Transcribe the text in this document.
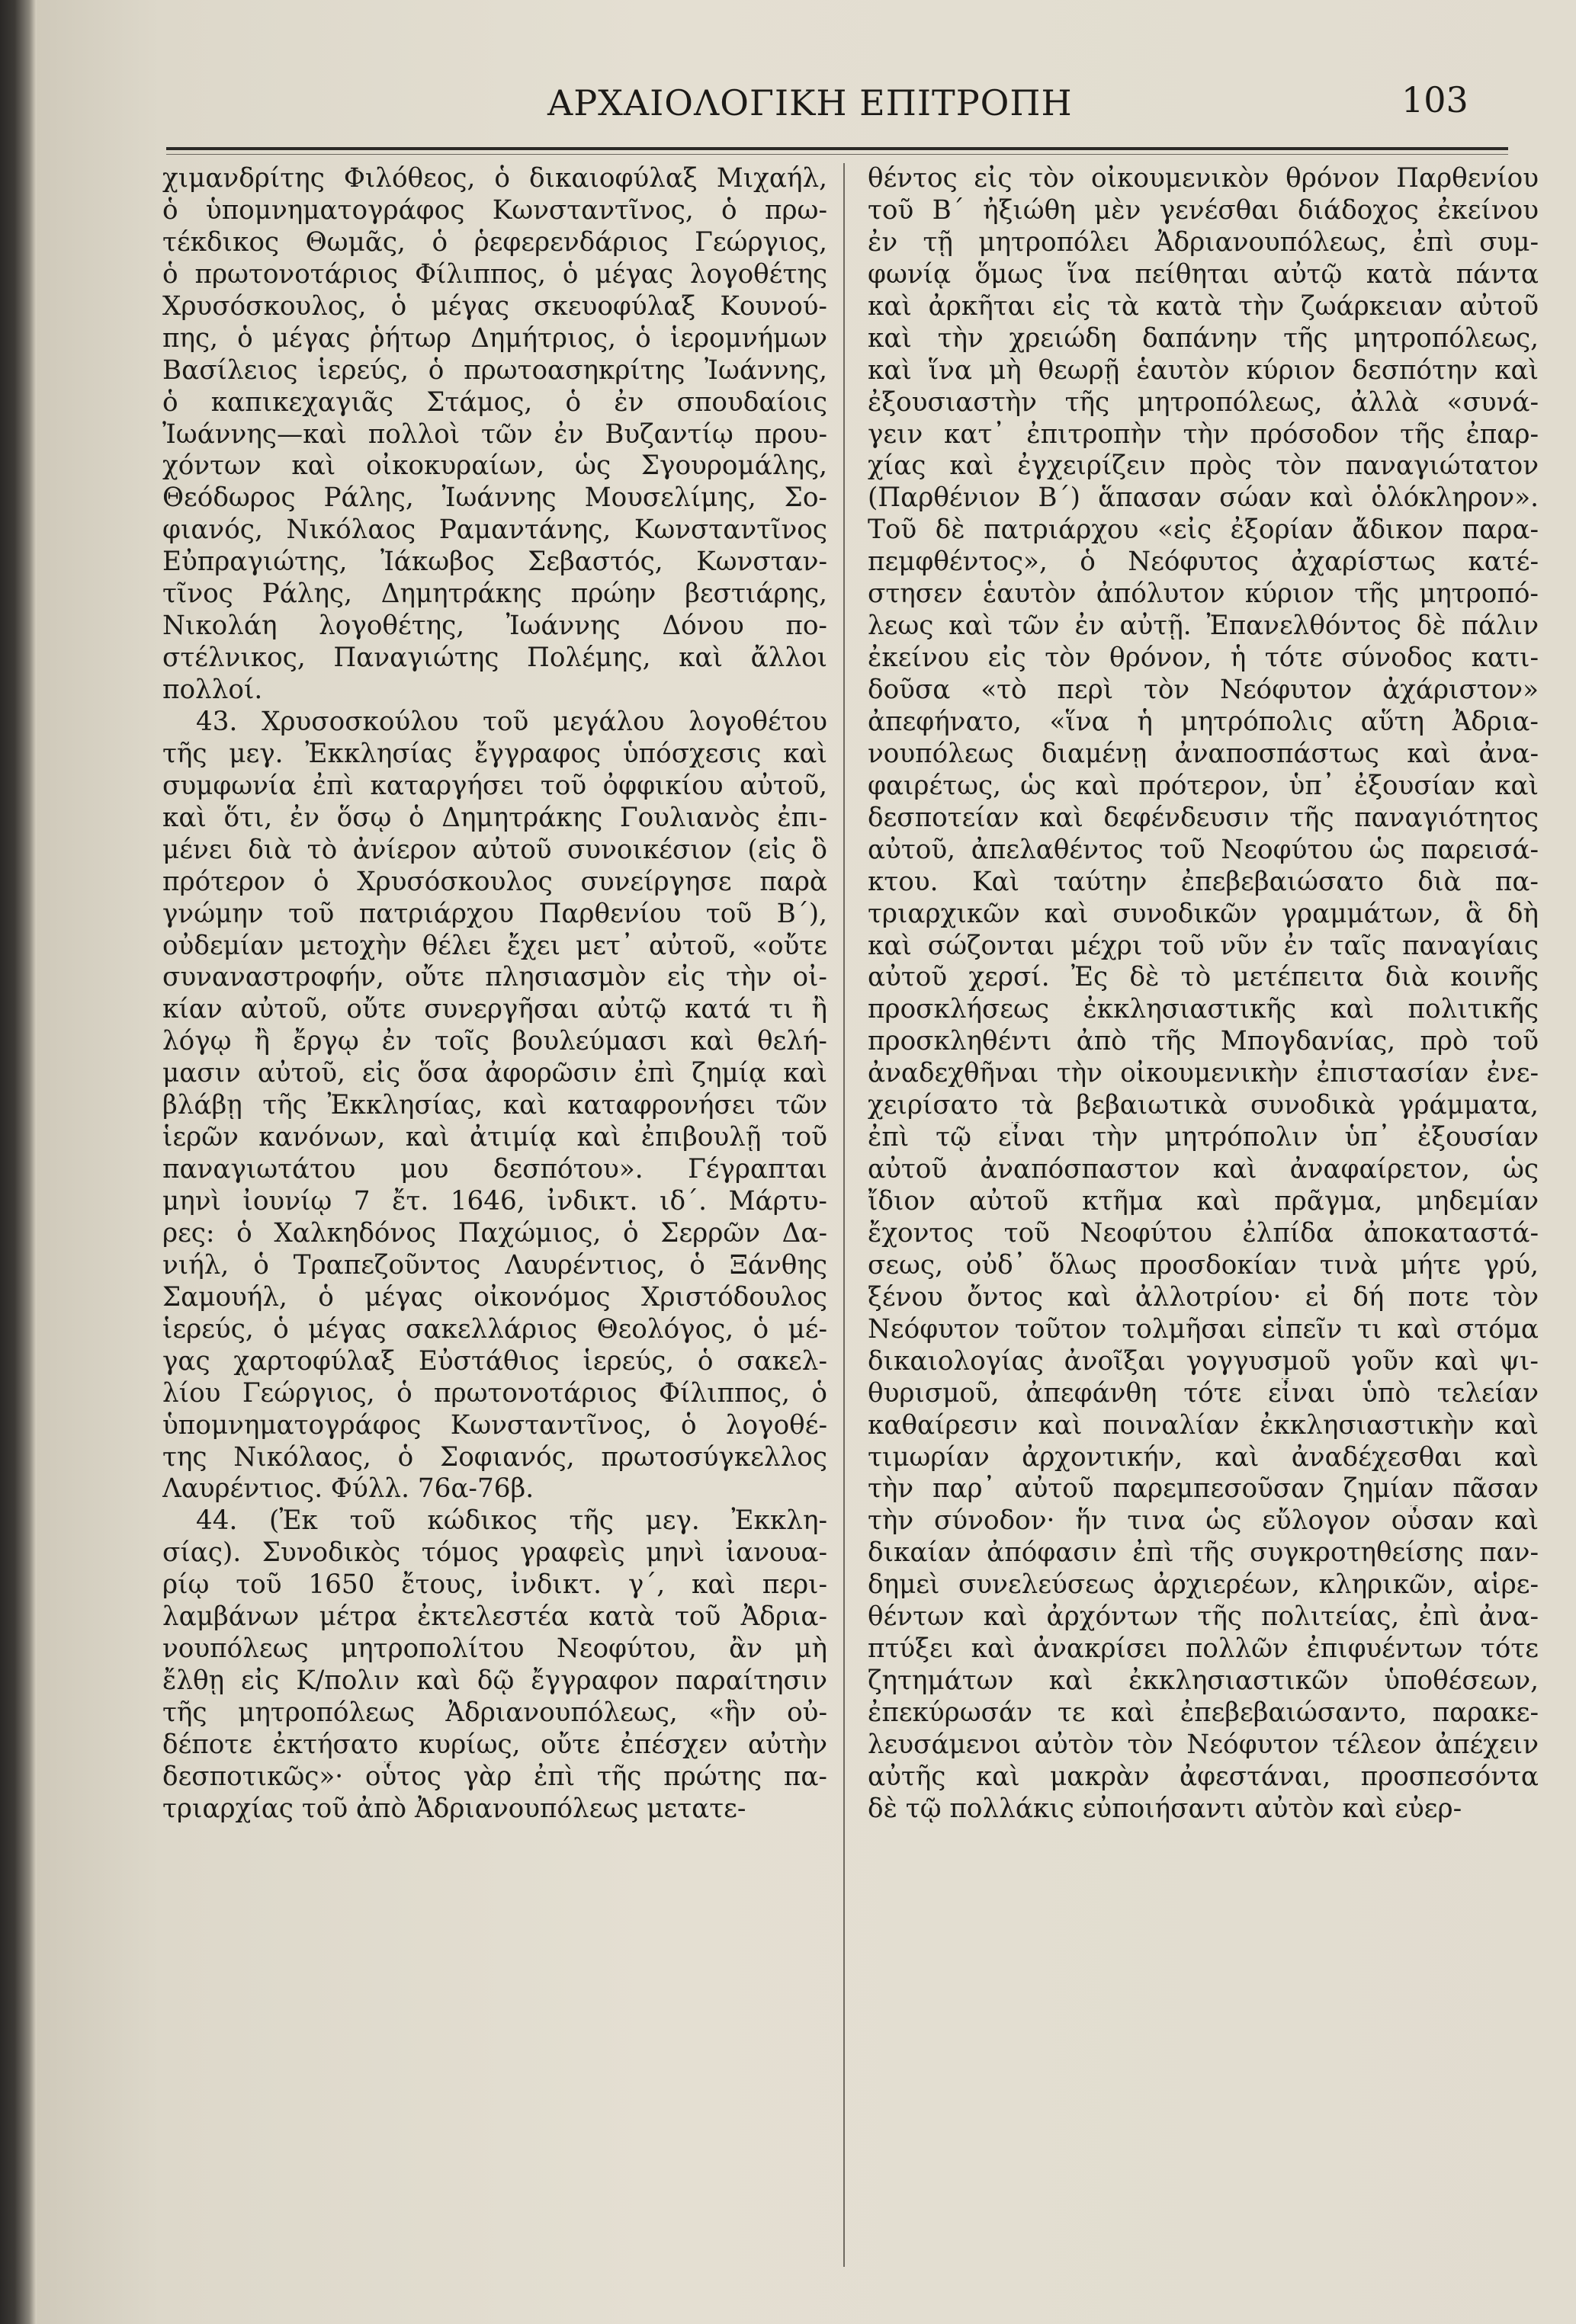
ΑΡΧΑΙΟΛΟΓΙΚΗ ΕΠΙΤΡΟΠΗ	103
χιμανδρίτης Φιλόθεος, ὁ δικαιοφύλαξ Μιχαήλ,
ὁ ὑπομνηματογράφος Κωνσταντῖνος, ὁ πρω-
τέκδικος Θωμᾶς, ὁ ῥεφερενδάριος Γεώργιος,
ὁ πρωτονοτάριος Φίλιππος, ὁ μέγας λογοθέτης
Χρυσόσκουλος, ὁ μέγας σκευοφύλαξ Κουνού-
πης, ὁ μέγας ῥήτωρ Δημήτριος, ὁ ἱερομνήμων
Βασίλειος ἱερεύς, ὁ πρωτοασηκρίτης Ἰωάννης,
ὁ καπικεχαγιᾶς Στάμος, ὁ ἐν σπουδαίοις
Ἰωάννης—καὶ πολλοὶ τῶν ἐν Βυζαντίῳ πρου-
χόντων καὶ οἰκοκυραίων, ὡς Σγουρομάλης,
Θεόδωρος Ράλης, Ἰωάννης Μουσελίμης, Σο-
φιανός, Νικόλαος Ραμαντάνης, Κωνσταντῖνος
Εὐπραγιώτης, Ἰάκωβος Σεβαστός, Κωνσταν-
τῖνος Ράλης, Δημητράκης πρώην βεστιάρης,
Νικολάη λογοθέτης, Ἰωάννης Δόνου πο-
στέλνικος, Παναγιώτης Πολέμης, καὶ ἄλλοι
πολλοί.
43. Χρυσοσκούλου τοῦ μεγάλου λογοθέτου
τῆς μεγ. Ἐκκλησίας ἔγγραφος ὑπόσχεσις καὶ
συμφωνία ἐπὶ καταργήσει τοῦ ὀφφικίου αὐτοῦ,
καὶ ὅτι, ἐν ὅσῳ ὁ Δημητράκης Γουλιανὸς ἐπι-
μένει διὰ τὸ ἀνίερον αὐτοῦ συνοικέσιον (εἰς ὃ
πρότερον ὁ Χρυσόσκουλος συνείργησε παρὰ
γνώμην τοῦ πατριάρχου Παρθενίου τοῦ Β΄),
οὐδεμίαν μετοχὴν θέλει ἔχει μετ᾽ αὐτοῦ, «οὔτε
συναναστροφήν, οὔτε πλησιασμὸν εἰς τὴν οἰ-
κίαν αὐτοῦ, οὔτε συνεργῆσαι αὐτῷ κατά τι ἢ
λόγῳ ἢ ἔργῳ ἐν τοῖς βουλεύμασι καὶ θελή-
μασιν αὐτοῦ, εἰς ὅσα ἀφορῶσιν ἐπὶ ζημίᾳ καὶ
βλάβῃ τῆς Ἐκκλησίας, καὶ καταφρονήσει τῶν
ἱερῶν κανόνων, καὶ ἀτιμίᾳ καὶ ἐπιβουλῇ τοῦ
παναγιωτάτου μου δεσπότου». Γέγραπται
μηνὶ ἰουνίῳ 7 ἔτ. 1646, ἰνδικτ. ιδ΄. Μάρτυ-
ρες: ὁ Χαλκηδόνος Παχώμιος, ὁ Σερρῶν Δα-
νιήλ, ὁ Τραπεζοῦντος Λαυρέντιος, ὁ Ξάνθης
Σαμουήλ, ὁ μέγας οἰκονόμος Χριστόδουλος
ἱερεύς, ὁ μέγας σακελλάριος Θεολόγος, ὁ μέ-
γας χαρτοφύλαξ Εὐστάθιος ἱερεύς, ὁ σακελ-
λίου Γεώργιος, ὁ πρωτονοτάριος Φίλιππος, ὁ
ὑπομνηματογράφος Κωνσταντῖνος, ὁ λογοθέ-
της Νικόλαος, ὁ Σοφιανός, πρωτοσύγκελλος
Λαυρέντιος. Φύλλ. 76α-76β.
44. (Ἐκ τοῦ κώδικος τῆς μεγ. Ἐκκλη-
σίας). Συνοδικὸς τόμος γραφεὶς μηνὶ ἰανουα-
ρίῳ τοῦ 1650 ἔτους, ἰνδικτ. γ΄, καὶ περι-
λαμβάνων μέτρα ἐκτελεστέα κατὰ τοῦ Ἀδρια-
νουπόλεως μητροπολίτου Νεοφύτου, ἂν μὴ
ἔλθῃ εἰς Κ/πολιν καὶ δῷ ἔγγραφον παραίτησιν
τῆς μητροπόλεως Ἀδριανουπόλεως, «ἣν οὐ-
δέποτε ἐκτήσατο κυρίως, οὔτε ἐπέσχεν αὐτὴν
δεσποτικῶς»· οὗτος γὰρ ἐπὶ τῆς πρώτης πα-
τριαρχίας τοῦ ἀπὸ Ἀδριανουπόλεως μετατε-
θέντος εἰς τὸν οἰκουμενικὸν θρόνον Παρθενίου
τοῦ Β΄ ἠξιώθη μὲν γενέσθαι διάδοχος ἐκείνου
ἐν τῇ μητροπόλει Ἀδριανουπόλεως, ἐπὶ συμ-
φωνίᾳ ὅμως ἵνα πείθηται αὐτῷ κατὰ πάντα
καὶ ἀρκῆται εἰς τὰ κατὰ τὴν ζωάρκειαν αὐτοῦ
καὶ τὴν χρειώδη δαπάνην τῆς μητροπόλεως,
καὶ ἵνα μὴ θεωρῇ ἑαυτὸν κύριον δεσπότην καὶ
ἐξουσιαστὴν τῆς μητροπόλεως, ἀλλὰ «συνά-
γειν κατ᾽ ἐπιτροπὴν τὴν πρόσοδον τῆς ἐπαρ-
χίας καὶ ἐγχειρίζειν πρὸς τὸν παναγιώτατον
(Παρθένιον Β΄) ἅπασαν σώαν καὶ ὁλόκληρον».
Τοῦ δὲ πατριάρχου «εἰς ἐξορίαν ἄδικον παρα-
πεμφθέντος», ὁ Νεόφυτος ἀχαρίστως κατέ-
στησεν ἑαυτὸν ἀπόλυτον κύριον τῆς μητροπό-
λεως καὶ τῶν ἐν αὐτῇ. Ἐπανελθόντος δὲ πάλιν
ἐκείνου εἰς τὸν θρόνον, ἡ τότε σύνοδος κατι-
δοῦσα «τὸ περὶ τὸν Νεόφυτον ἀχάριστον»
ἀπεφήνατο, «ἵνα ἡ μητρόπολις αὕτη Ἀδρια-
νουπόλεως διαμένῃ ἀναποσπάστως καὶ ἀνα-
φαιρέτως, ὡς καὶ πρότερον, ὑπ᾽ ἐξουσίαν καὶ
δεσποτείαν καὶ δεφένδευσιν τῆς παναγιότητος
αὐτοῦ, ἀπελαθέντος τοῦ Νεοφύτου ὡς παρεισά-
κτου. Καὶ ταύτην ἐπεβεβαιώσατο διὰ πα-
τριαρχικῶν καὶ συνοδικῶν γραμμάτων, ἃ δὴ
καὶ σώζονται μέχρι τοῦ νῦν ἐν ταῖς παναγίαις
αὐτοῦ χερσί. Ἐς δὲ τὸ μετέπειτα διὰ κοινῆς
προσκλήσεως ἐκκλησιαστικῆς καὶ πολιτικῆς
προσκληθέντι ἀπὸ τῆς Μπογδανίας, πρὸ τοῦ
ἀναδεχθῆναι τὴν οἰκουμενικὴν ἐπιστασίαν ἐνε-
χειρίσατο τὰ βεβαιωτικὰ συνοδικὰ γράμματα,
ἐπὶ τῷ εἶναι τὴν μητρόπολιν ὑπ᾽ ἐξουσίαν
αὐτοῦ ἀναπόσπαστον καὶ ἀναφαίρετον, ὡς
ἴδιον αὐτοῦ κτῆμα καὶ πρᾶγμα, μηδεμίαν
ἔχοντος τοῦ Νεοφύτου ἐλπίδα ἀποκαταστά-
σεως, οὐδ᾽ ὅλως προσδοκίαν τινὰ μήτε γρύ,
ξένου ὄντος καὶ ἀλλοτρίου· εἰ δή ποτε τὸν
Νεόφυτον τοῦτον τολμῆσαι εἰπεῖν τι καὶ στόμα
δικαιολογίας ἀνοῖξαι γογγυσμοῦ γοῦν καὶ ψι-
θυρισμοῦ, ἀπεφάνθη τότε εἶναι ὑπὸ τελείαν
καθαίρεσιν καὶ ποιναλίαν ἐκκλησιαστικὴν καὶ
τιμωρίαν ἀρχοντικήν, καὶ ἀναδέχεσθαι καὶ
τὴν παρ᾽ αὐτοῦ παρεμπεσοῦσαν ζημίαν πᾶσαν
τὴν σύνοδον· ἥν τινα ὡς εὔλογον οὖσαν καὶ
δικαίαν ἀπόφασιν ἐπὶ τῆς συγκροτηθείσης παν-
δημεὶ συνελεύσεως ἀρχιερέων, κληρικῶν, αἱρε-
θέντων καὶ ἀρχόντων τῆς πολιτείας, ἐπὶ ἀνα-
πτύξει καὶ ἀνακρίσει πολλῶν ἐπιφυέντων τότε
ζητημάτων καὶ ἐκκλησιαστικῶν ὑποθέσεων,
ἐπεκύρωσάν τε καὶ ἐπεβεβαιώσαντο, παρακε-
λευσάμενοι αὐτὸν τὸν Νεόφυτον τέλεον ἀπέχειν
αὐτῆς καὶ μακρὰν ἀφεστάναι, προσπεσόντα
δὲ τῷ πολλάκις εὐποιήσαντι αὐτὸν καὶ εὐερ-
